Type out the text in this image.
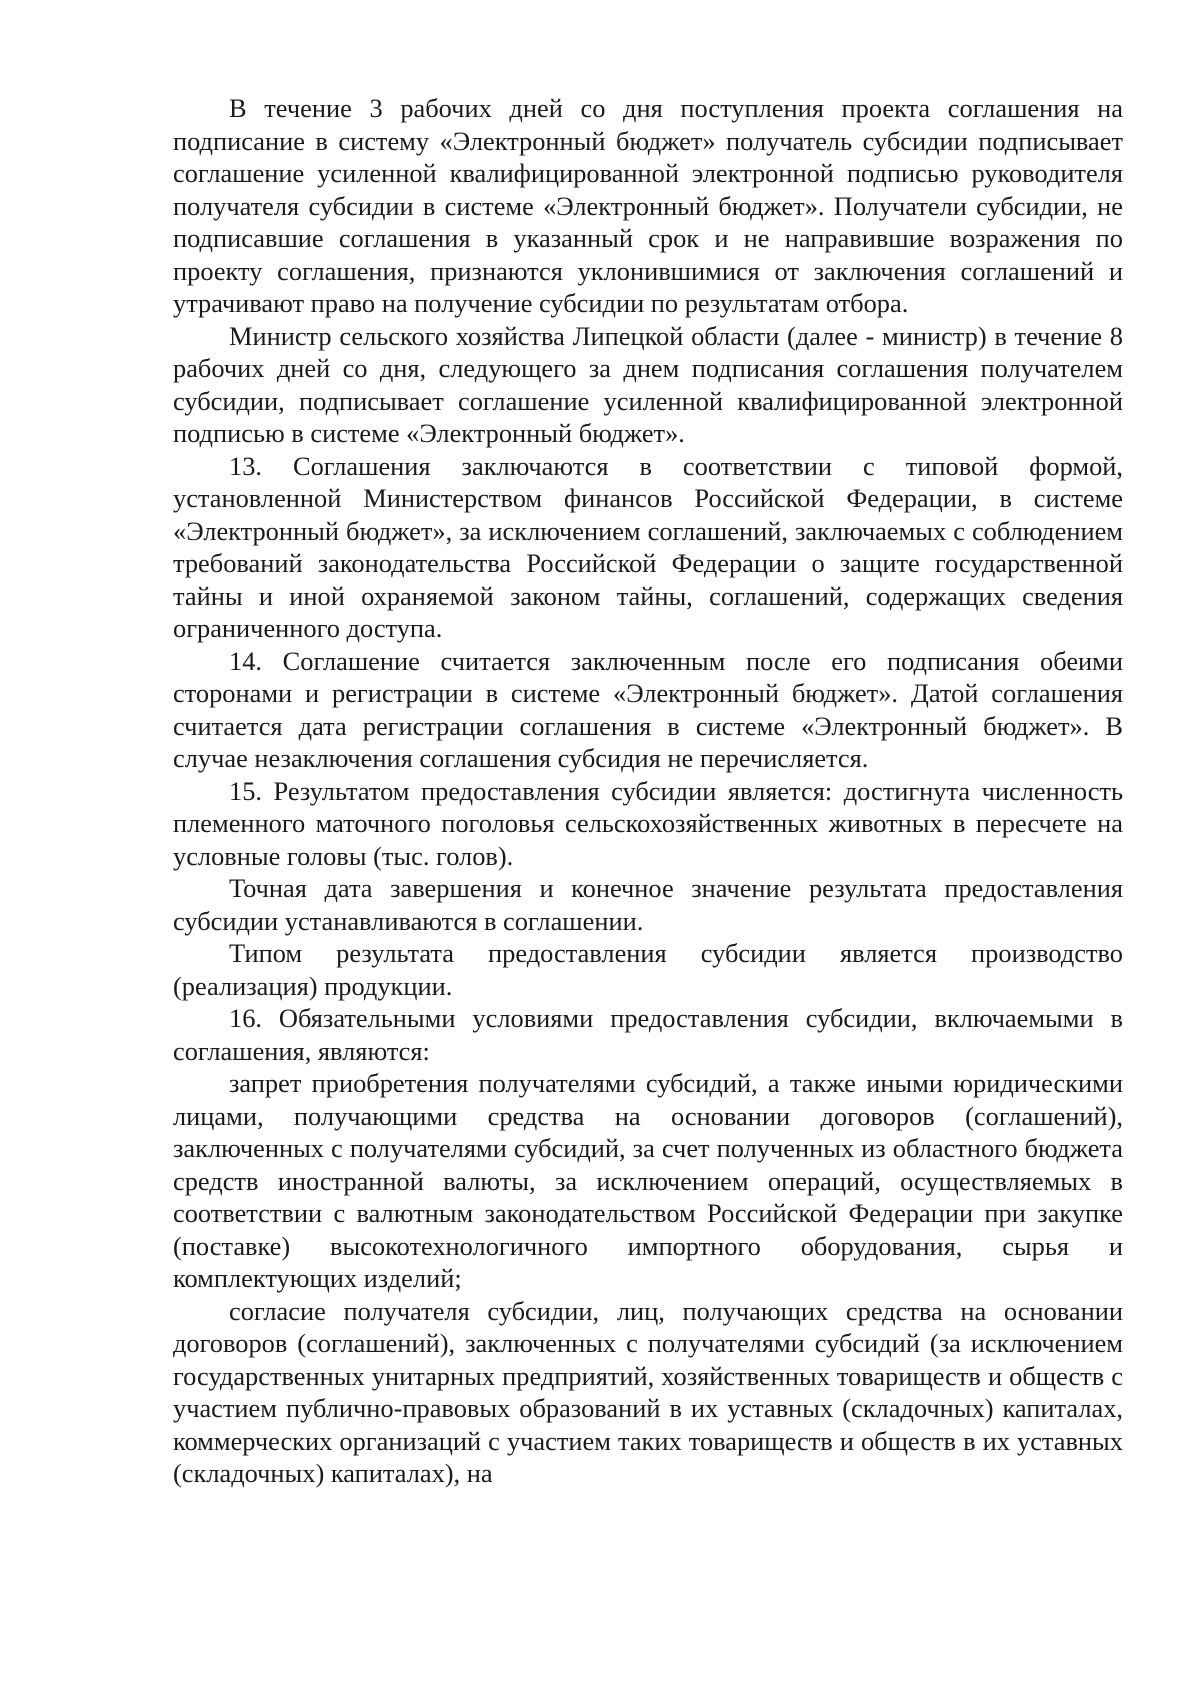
В течение 3 рабочих дней со дня поступления проекта соглашения на подписание в систему «Электронный бюджет» получатель субсидии подписывает соглашение усиленной квалифицированной электронной подписью руководителя получателя субсидии в системе «Электронный бюджет». Получатели субсидии, не подписавшие соглашения в указанный срок и не направившие возражения по проекту соглашения, признаются уклонившимися от заключения соглашений и утрачивают право на получение субсидии по результатам отбора.

Министр сельского хозяйства Липецкой области (далее - министр) в течение 8 рабочих дней со дня, следующего за днем подписания соглашения получателем субсидии, подписывает соглашение усиленной квалифицированной электронной подписью в системе «Электронный бюджет».

13. Соглашения заключаются в соответствии с типовой формой, установленной Министерством финансов Российской Федерации, в системе «Электронный бюджет», за исключением соглашений, заключаемых с соблюдением требований законодательства Российской Федерации о защите государственной тайны и иной охраняемой законом тайны, соглашений, содержащих сведения ограниченного доступа.

14. Соглашение считается заключенным после его подписания обеими сторонами и регистрации в системе «Электронный бюджет». Датой соглашения считается дата регистрации соглашения в системе «Электронный бюджет». В случае незаключения соглашения субсидия не перечисляется.

15. Результатом предоставления субсидии является: достигнута численность племенного маточного поголовья сельскохозяйственных животных в пересчете на условные головы (тыс. голов).

Точная дата завершения и конечное значение результата предоставления субсидии устанавливаются в соглашении.

Типом результата предоставления субсидии является производство (реализация) продукции.

16. Обязательными условиями предоставления субсидии, включаемыми в соглашения, являются:

запрет приобретения получателями субсидий, а также иными юридическими лицами, получающими средства на основании договоров (соглашений), заключенных с получателями субсидий, за счет полученных из областного бюджета средств иностранной валюты, за исключением операций, осуществляемых в соответствии с валютным законодательством Российской Федерации при закупке (поставке) высокотехнологичного импортного оборудования, сырья и комплектующих изделий;

согласие получателя субсидии, лиц, получающих средства на основании договоров (соглашений), заключенных с получателями субсидий (за исключением государственных унитарных предприятий, хозяйственных товариществ и обществ с участием публично-правовых образований в их уставных (складочных) капиталах, коммерческих организаций с участием таких товариществ и обществ в их уставных (складочных) капиталах), на
